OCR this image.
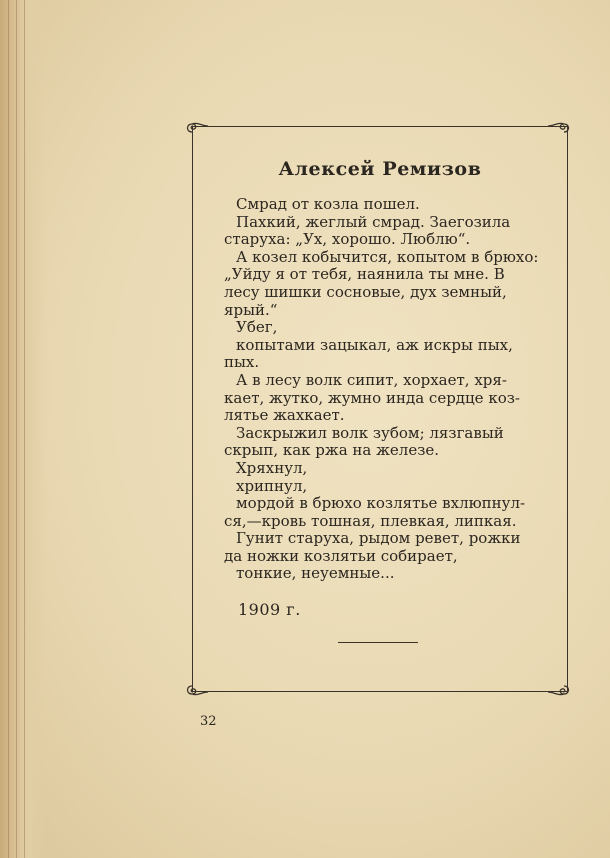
Алексей Ремизов
Смрад от козла пошел.
Пахкий, жеглый смрад. Заегозила
старуха: „Ух, хорошо. Люблю“.
А козел кобычится, копытом в брюхо:
„Уйду я от тебя, наянила ты мне. В
лесу шишки сосновые, дух земный,
ярый.“
Убег,
копытами зацыкал, аж искры пых,
пых.
А в лесу волк сипит, хорхает, хря-
кает, жутко, жумно инда сердце коз-
лятье жахкает.
Заскрыжил волк зубом; лязгавый
скрып, как ржа на железе.
Хряхнул,
хрипнул,
мордой в брюхо козлятье вхлюпнул-
ся,—кровь тошная, плевкая, липкая.
Гунит старуха, рыдом ревет, рожки
да ножки козлятьи собирает,
тонкие, неуемные...
1909 г.
32
